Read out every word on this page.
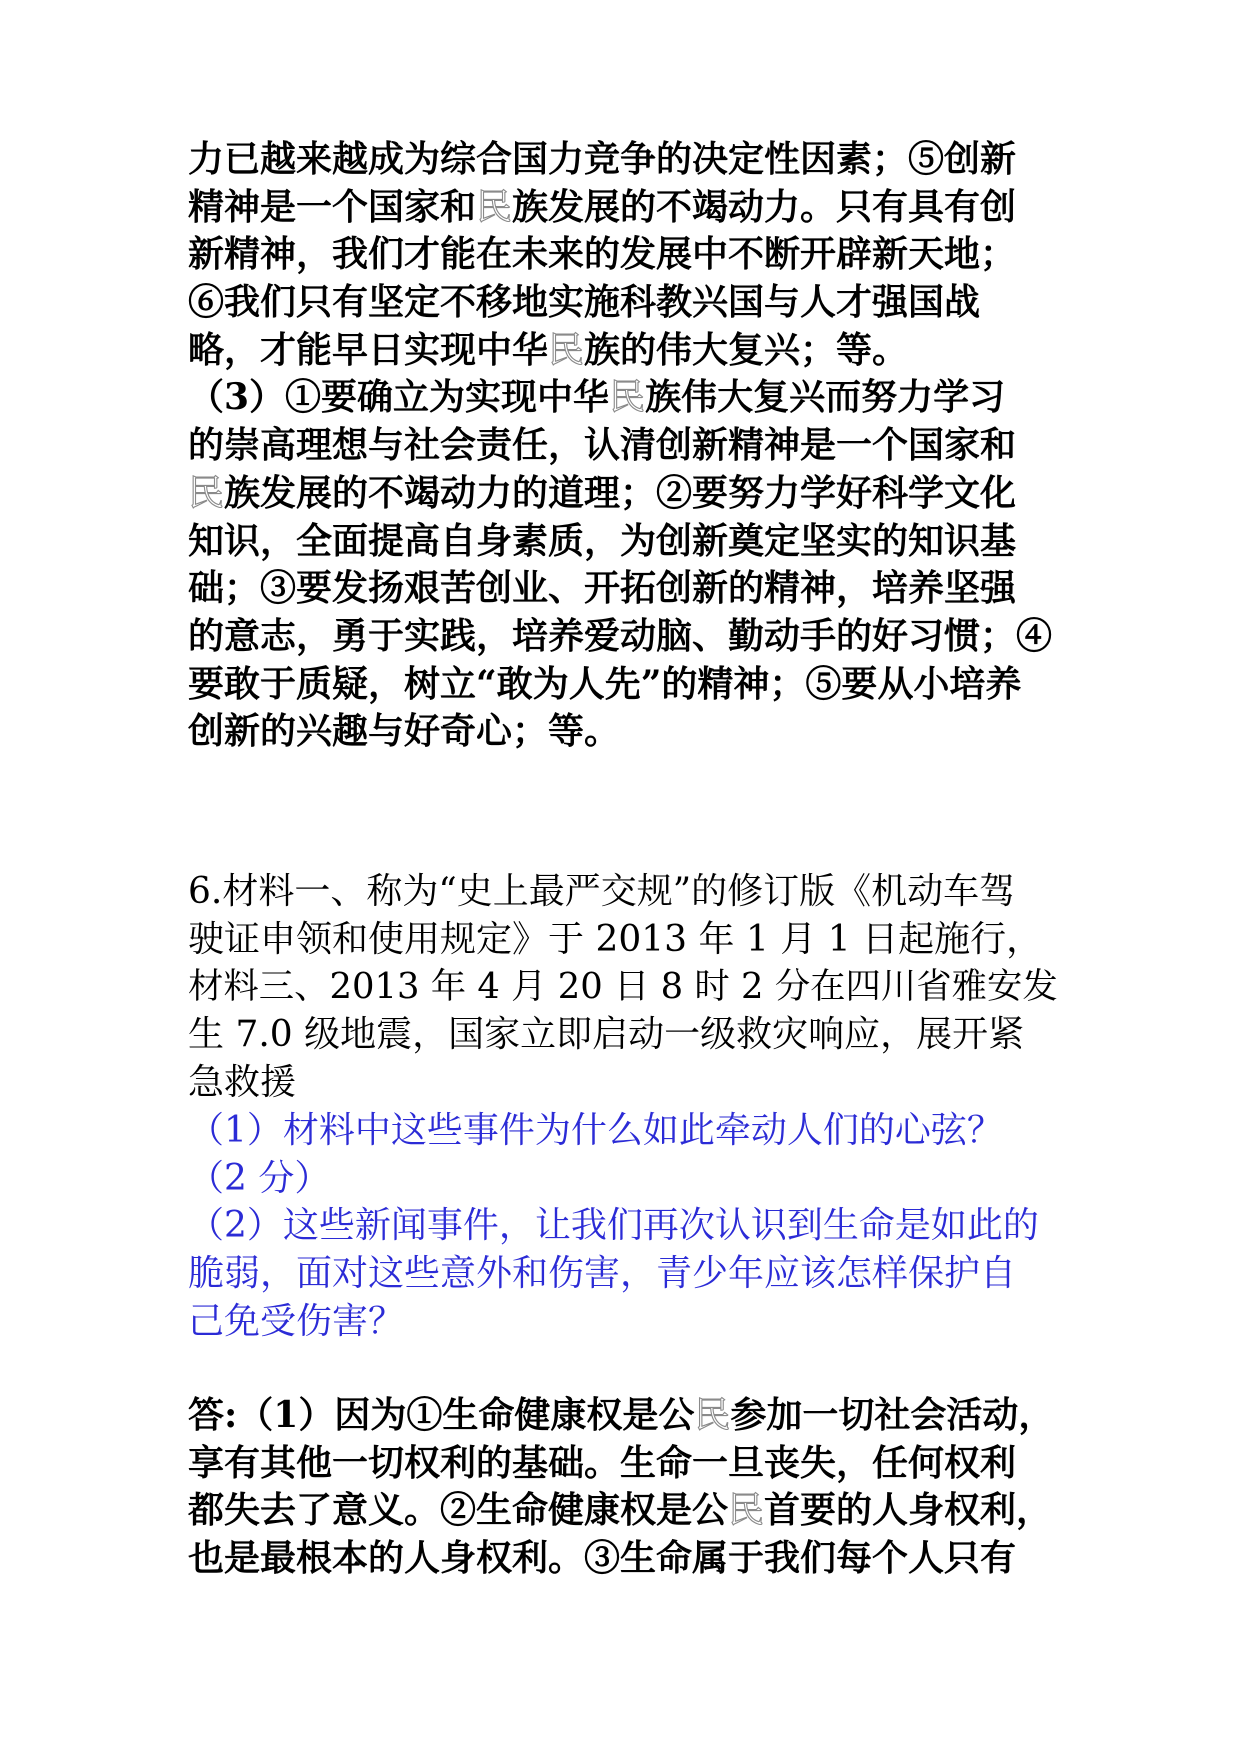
力已越来越成为综合国力竞争的决定性因素；⑤创新
精神是一个国家和民族发展的不竭动力。只有具有创
新精神，我们才能在未来的发展中不断开辟新天地；
⑥我们只有坚定不移地实施科教兴国与人才强国战
略，才能早日实现中华民族的伟大复兴；等。
（3）①要确立为实现中华民族伟大复兴而努力学习
的崇高理想与社会责任，认清创新精神是一个国家和
民族发展的不竭动力的道理；②要努力学好科学文化
知识，全面提高自身素质，为创新奠定坚实的知识基
础；③要发扬艰苦创业、开拓创新的精神，培养坚强
的意志，勇于实践，培养爱动脑、勤动手的好习惯；④
要敢于质疑，树立“敢为人先”的精神；⑤要从小培养
创新的兴趣与好奇心；等。
6.材料一、称为“史上最严交规”的修订版《机动车驾
驶证申领和使用规定》于 2013 年 1 月 1 日起施行，
材料三、2013 年 4 月 20 日 8 时 2 分在四川省雅安发
生 7.0 级地震，国家立即启动一级救灾响应，展开紧
急救援
（1）材料中这些事件为什么如此牵动人们的心弦？
（2 分）
（2）这些新闻事件，让我们再次认识到生命是如此的
脆弱，面对这些意外和伤害，青少年应该怎样保护自
己免受伤害？
答:（1）因为①生命健康权是公民参加一切社会活动，
享有其他一切权利的基础。生命一旦丧失，任何权利
都失去了意义。②生命健康权是公民首要的人身权利，
也是最根本的人身权利。③生命属于我们每个人只有
